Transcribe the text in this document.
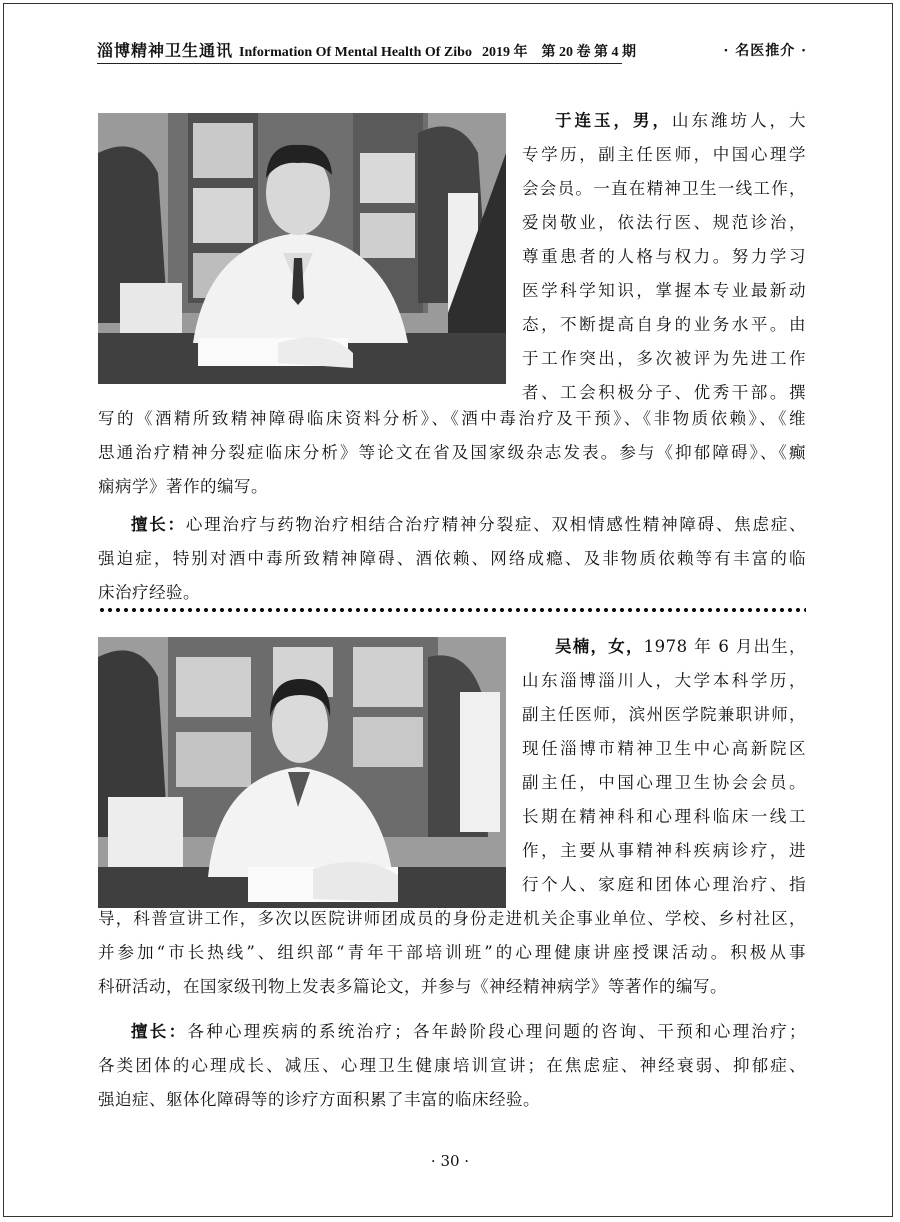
淄博精神卫生通讯 Information Of Mental Health Of Zibo 2019 年　第 20 卷 第 4 期	· 名医推介 ·
于连玉，男，山东潍坊人，大
专学历，副主任医师，中国心理学
会会员。一直在精神卫生一线工作，
爱岗敬业，依法行医、规范诊治，
尊重患者的人格与权力。努力学习
医学科学知识，掌握本专业最新动
态，不断提高自身的业务水平。由
于工作突出，多次被评为先进工作
者、工会积极分子、优秀干部。撰
写的《酒精所致精神障碍临床资料分析》、《酒中毒治疗及干预》、《非物质依赖》、《维
思通治疗精神分裂症临床分析》等论文在省及国家级杂志发表。参与《抑郁障碍》、《癫
痫病学》著作的编写。
擅长：心理治疗与药物治疗相结合治疗精神分裂症、双相情感性精神障碍、焦虑症、
强迫症，特别对酒中毒所致精神障碍、酒依赖、网络成瘾、及非物质依赖等有丰富的临
床治疗经验。
吴楠，女，1978 年 6 月出生，
山东淄博淄川人，大学本科学历，
副主任医师，滨州医学院兼职讲师，
现任淄博市精神卫生中心高新院区
副主任，中国心理卫生协会会员。
长期在精神科和心理科临床一线工
作，主要从事精神科疾病诊疗，进
行个人、家庭和团体心理治疗、指
导，科普宣讲工作，多次以医院讲师团成员的身份走进机关企事业单位、学校、乡村社区，
并参加“市长热线”、组织部“青年干部培训班”的心理健康讲座授课活动。积极从事
科研活动，在国家级刊物上发表多篇论文，并参与《神经精神病学》等著作的编写。
擅长：各种心理疾病的系统治疗；各年龄阶段心理问题的咨询、干预和心理治疗；
各类团体的心理成长、减压、心理卫生健康培训宣讲；在焦虑症、神经衰弱、抑郁症、
强迫症、躯体化障碍等的诊疗方面积累了丰富的临床经验。
· 30 ·
